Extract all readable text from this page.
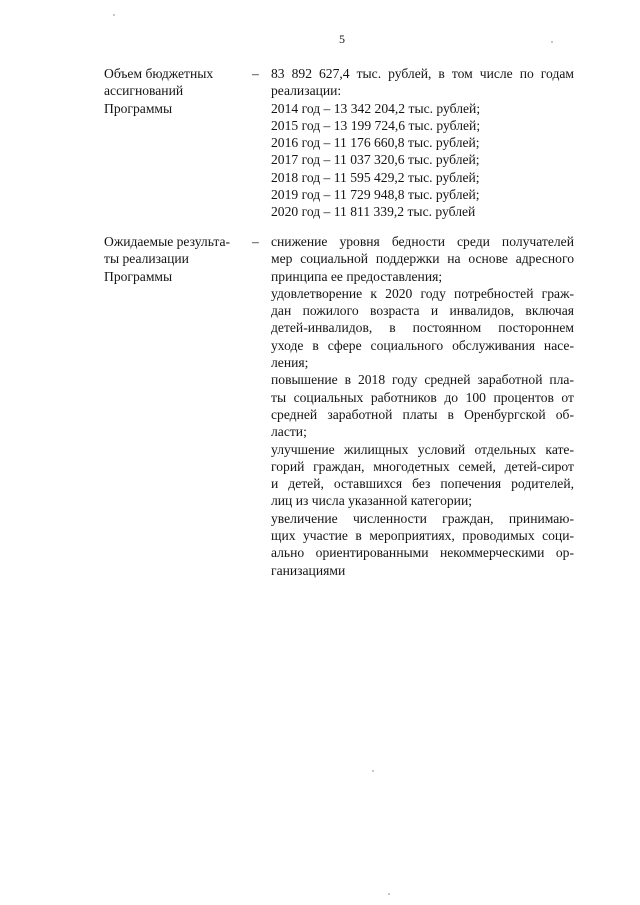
5
Объем бюджетных
ассигнований
Программы
– 83 892 627,4 тыс. рублей, в том числе по годам
реализации:
2014 год – 13 342 204,2 тыс. рублей;
2015 год – 13 199 724,6 тыс. рублей;
2016 год – 11 176 660,8 тыс. рублей;
2017 год – 11 037 320,6 тыс. рублей;
2018 год – 11 595 429,2 тыс. рублей;
2019 год – 11 729 948,8 тыс. рублей;
2020 год – 11 811 339,2 тыс. рублей
Ожидаемые результа-
ты реализации
Программы
– снижение уровня бедности среди получателей
мер социальной поддержки на основе адресного
принципа ее предоставления;
удовлетворение к 2020 году потребностей граж-
дан пожилого возраста и инвалидов, включая
детей-инвалидов, в постоянном постороннем
уходе в сфере социального обслуживания насе-
ления;
повышение в 2018 году средней заработной пла-
ты социальных работников до 100 процентов от
средней заработной платы в Оренбургской об-
ласти;
улучшение жилищных условий отдельных кате-
горий граждан, многодетных семей, детей-сирот
и детей, оставшихся без попечения родителей,
лиц из числа указанной категории;
увеличение численности граждан, принимаю-
щих участие в мероприятиях, проводимых соци-
ально ориентированными некоммерческими ор-
ганизациями
